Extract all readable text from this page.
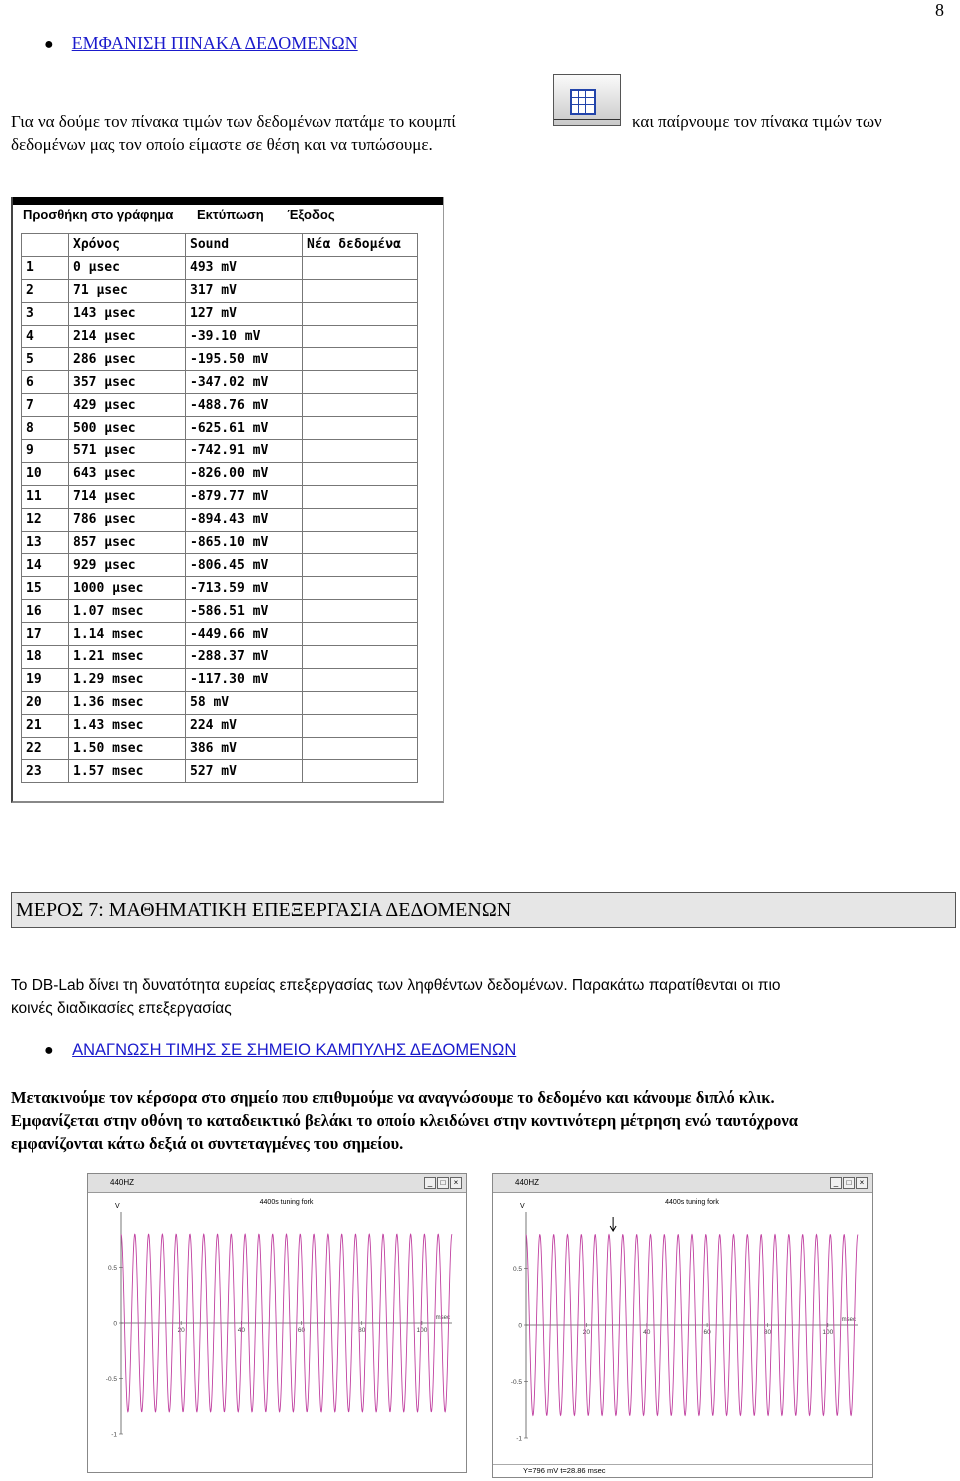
8
● ΕΜΦΑΝΙΣΗ ΠΙΝΑΚΑ ΔΕΔΟΜΕΝΩΝ
Για να δούμε τον πίνακα τιμών των δεδομένων πατάμε το κουμπί	και παίρνουμε τον πίνακα τιμών των
δεδομένων μας τον οποίο είμαστε σε θέση και να τυπώσουμε.
Προσθήκη στο γράφημα Εκτύπωση Έξοδος
	Χρόνος	Sound	Νέα δεδομένα
1	0 μsec	493 mV	
2	71 μsec	317 mV	
3	143 μsec	127 mV	
4	214 μsec	-39.10 mV	
5	286 μsec	-195.50 mV	
6	357 μsec	-347.02 mV	
7	429 μsec	-488.76 mV	
8	500 μsec	-625.61 mV	
9	571 μsec	-742.91 mV	
10	643 μsec	-826.00 mV	
11	714 μsec	-879.77 mV	
12	786 μsec	-894.43 mV	
13	857 μsec	-865.10 mV	
14	929 μsec	-806.45 mV	
15	1000 μsec	-713.59 mV	
16	1.07 msec	-586.51 mV	
17	1.14 msec	-449.66 mV	
18	1.21 msec	-288.37 mV	
19	1.29 msec	-117.30 mV	
20	1.36 msec	58 mV	
21	1.43 msec	224 mV	
22	1.50 msec	386 mV	
23	1.57 msec	527 mV	
ΜΕΡΟΣ 7: ΜΑΘΗΜΑΤΙΚΗ ΕΠΕΞΕΡΓΑΣΙΑ ΔΕΔΟΜΕΝΩΝ
Το DB-Lab δίνει τη δυνατότητα ευρείας επεξεργασίας των ληφθέντων δεδομένων. Παρακάτω παρατίθενται οι πιο
κοινές διαδικασίες επεξεργασίας
● ΑΝΑΓΝΩΣΗ ΤΙΜΗΣ ΣΕ ΣΗΜΕΙΟ ΚΑΜΠΥΛΗΣ ΔΕΔΟΜΕΝΩΝ
Μετακινούμε τον κέρσορα στο σημείο που επιθυμούμε να αναγνώσουμε το δεδομένο και κάνουμε διπλό κλικ.
Εμφανίζεται στην οθόνη το καταδεικτικό βελάκι το οποίο κλειδώνει στην κοντινότερη μέτρηση ενώ ταυτόχρονα
εμφανίζονται κάτω δεξιά οι συντεταγμένες του σημείου.
440HZ	_ □ ×
4400s tuning fork
V
0.5
0
-0.5
-1
20	40	60	80	100
msec
440HZ	_ □ ×
4400s tuning fork
V
0.5
0
-0.5
-1
20	40	60	80	100
msec
Y=796 mV t=28.86 msec
